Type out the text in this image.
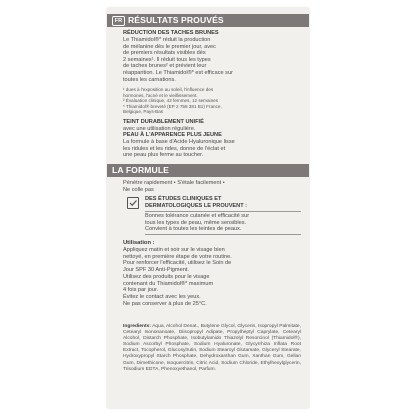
FR RÉSULTATS PROUVÉS
RÉDUCTION DES TACHES BRUNES
Le Thiamidol®* réduit la production
de mélanine dès le premier jour, avec
de premiers résultats visibles dès
2 semaines¹. Il réduit tous les types
de taches brunes² et prévient leur
réapparition. Le Thiamidol®* est efficace sur
toutes les carnations.
¹ dues à l'exposition au soleil, l'influence des
hormones, l'acné et le vieillissement.
² Évaluation clinique, 42 femmes, 12 semaines
* Thiamidol® breveté (EP 2 758 381 B1) France,
Belgique, Pays-Bas
TEINT DURABLEMENT UNIFIÉ
avec une utilisation régulière.
PEAU À L'APPARENCE PLUS JEUNE
La formule à base d'Acide Hyaluronique lisse
les ridules et les rides, donne de l'éclat et
une peau plus ferme au toucher.
LA FORMULE
Pénètre rapidement • S'étale facilement •
Ne colle pas
DES ÉTUDES CLINIQUES ET
DERMATOLOGIQUES LE PROUVENT :
Bonnes tolérance cutanée et efficacité sur
tous les types de peau, même sensibles.
Convient à toutes les teintes de peaux.
Utilisation :
Appliquez matin et soir sur le visage bien
nettoyé, en première étape de votre routine.
Pour renforcer l'efficacité, utilisez le Soin de
Jour SPF 30 Anti-Pigment.
Utilisez des produits pour le visage
contenant du Thiamidol®* maximum
4 fois par jour.
Évitez le contact avec les yeux.
Ne pas conserver à plus de 25°C.
Ingredients: Aqua, Alcohol Denat., Butylene Glycol, Glycerin, Isopropyl Palmitate, Cetearyl Isononanoate, Diisopropyl Adipate, Propylheptyl Caprylate, Cetearyl Alcohol, Distarch Phosphate, Isobutylamido Thiazolyl Resorcinol (Thiamidol®), Sodium Ascorbyl Phosphate, Sodium Hyaluronate, Glycyrrhiza Inflata Root Extract, Tocopherol, Glucosylrutin, Sodium Stearoyl Glutamate, Glyceryl Stearate, Hydroxypropyl Starch Phosphate, Dehydroxanthan Gum, Xanthan Gum, Gellan Gum, Dimethicone, Isoquercitrin, Citric Acid, Sodium Chloride, Ethylhexylglycerin, Trisodium EDTA, Phenoxyethanol, Parfum.
